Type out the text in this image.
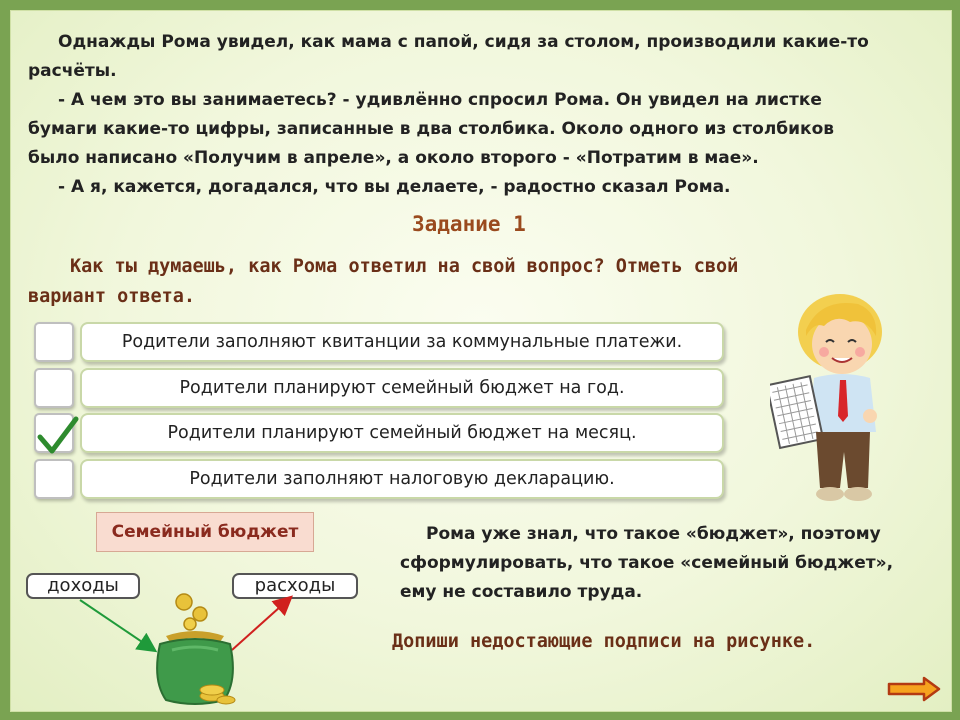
Однажды Рома увидел, как мама с папой, сидя за столом, производили какие-то

расчёты.

- А чем это вы занимаетесь? - удивлённо спросил Рома. Он увидел на листке

бумаги какие-то цифры, записанные в два столбика. Около одного из столбиков

было написано «Получим в апреле», а около второго - «Потратим в мае».

- А я, кажется, догадался, что вы делаете, - радостно сказал Рома.

Задание 1
Как ты думаешь, как Рома ответил на свой вопрос? Отметь свой
вариант ответа.
Родители заполняют квитанции за коммунальные платежи.
Родители планируют семейный бюджет на год.
Родители планируют семейный бюджет на месяц.
Родители заполняют налоговую декларацию.
Семейный бюджет
доходы	расходы

Рома уже знал, что такое «бюджет», поэтому

сформулировать, что такое «семейный бюджет»,

ему не составило труда.

Допиши недостающие подписи на рисунке.
